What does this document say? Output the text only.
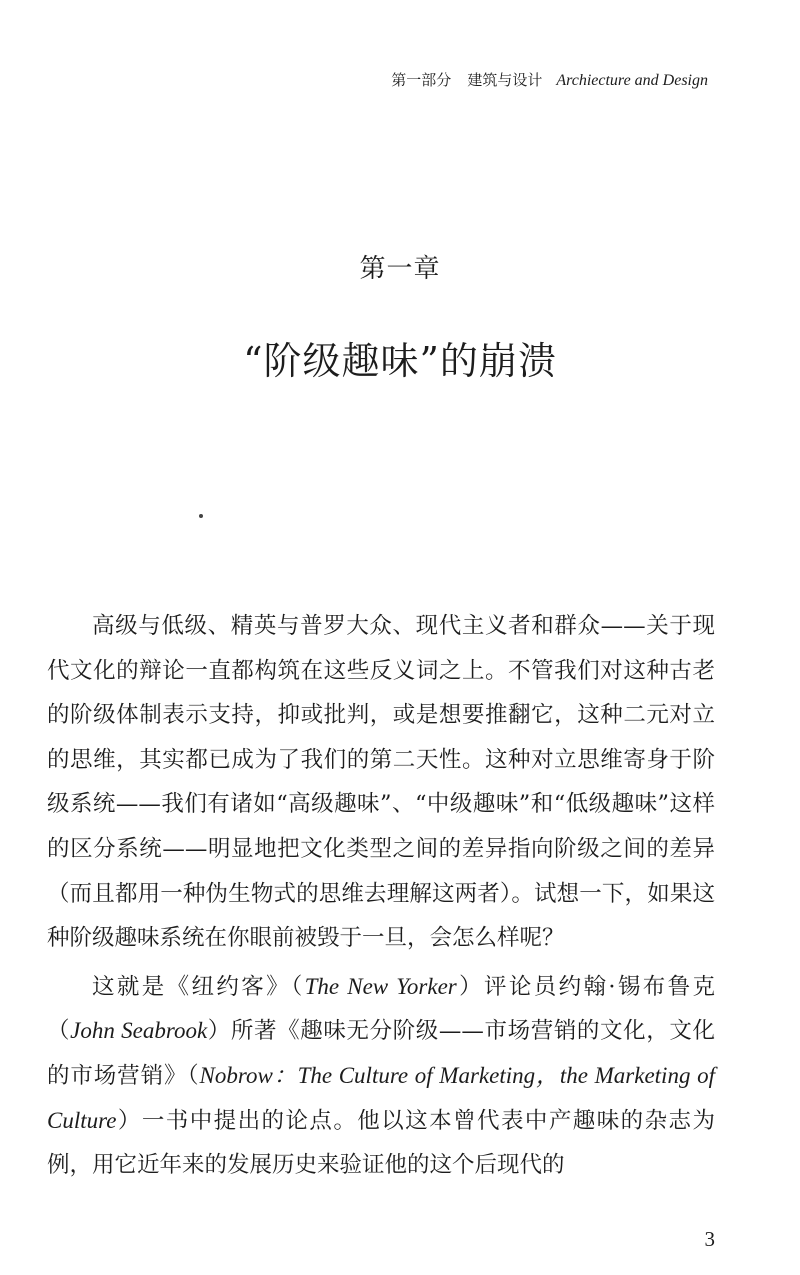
第一部分 建筑与设计 Archiecture and Design
第一章
“阶级趣味”的崩溃

高级与低级、精英与普罗大众、现代主义者和群众——关于现代文化的辩论一直都构筑在这些反义词之上。不管我们对这种古老的阶级体制表示支持，抑或批判，或是想要推翻它，这种二元对立的思维，其实都已成为了我们的第二天性。这种对立思维寄身于阶级系统——我们有诸如“高级趣味”、“中级趣味”和“低级趣味”这样的区分系统——明显地把文化类型之间的差异指向阶级之间的差异（而且都用一种伪生物式的思维去理解这两者）。试想一下，如果这种阶级趣味系统在你眼前被毁于一旦，会怎么样呢？

这就是《纽约客》（The New Yorker）评论员约翰·锡布鲁克（John Seabrook）所著《趣味无分阶级——市场营销的文化，文化的市场营销》（Nobrow：The Culture of Marketing，the Marketing of Culture）一书中提出的论点。他以这本曾代表中产趣味的杂志为例，用它近年来的发展历史来验证他的这个后现代的

3
